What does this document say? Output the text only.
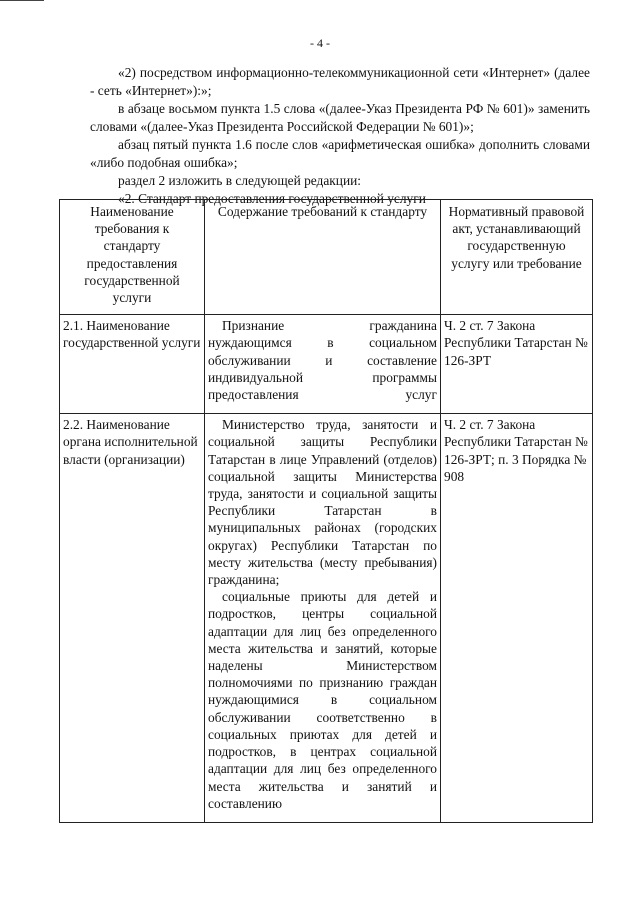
- 4 -

«2) посредством информационно-телекоммуникационной сети «Интернет» (далее - сеть «Интернет»):»;

в абзаце восьмом пункта 1.5 слова «(далее-Указ Президента РФ № 601)» заменить словами «(далее-Указ Президента Российской Федерации № 601)»;

абзац пятый пункта 1.6 после слов «арифметическая ошибка» дополнить словами «либо подобная ошибка»;

раздел 2 изложить в следующей редакции:

«2. Стандарт предоставления государственной услуги

Наименование требования к стандарту предоставления государственной услуги	Содержание требований к стандарту	Нормативный правовой акт, устанавливающий государственную услугу или требование
2.1. Наименование государственной услуги	Признание гражданина нуждающимся в социальном обслуживании и составление индивидуальной программы предоставления услуг	Ч. 2 ст. 7 Закона Республики Татарстан № 126-ЗРТ
2.2. Наименование органа исполнительной власти (организации)	Министерство труда, занятости и социальной защиты Республики Татарстан в лице Управлений (отделов) социальной защиты Министерства труда, занятости и социальной защиты Республики Татарстан в муниципальных районах (городских округах) Республики Татарстан по месту жительства (месту пребывания) гражданина;
социальные приюты для детей и подростков, центры социальной адаптации для лиц без определенного места жительства и занятий, которые наделены Министерством полномочиями по признанию граждан нуждающимися в социальном обслуживании соответственно в социальных приютах для детей и подростков, в центрах социальной адаптации для лиц без определенного места жительства и занятий и составлению	Ч. 2 ст. 7 Закона Республики Татарстан № 126-ЗРТ; п. 3 Порядка № 908
